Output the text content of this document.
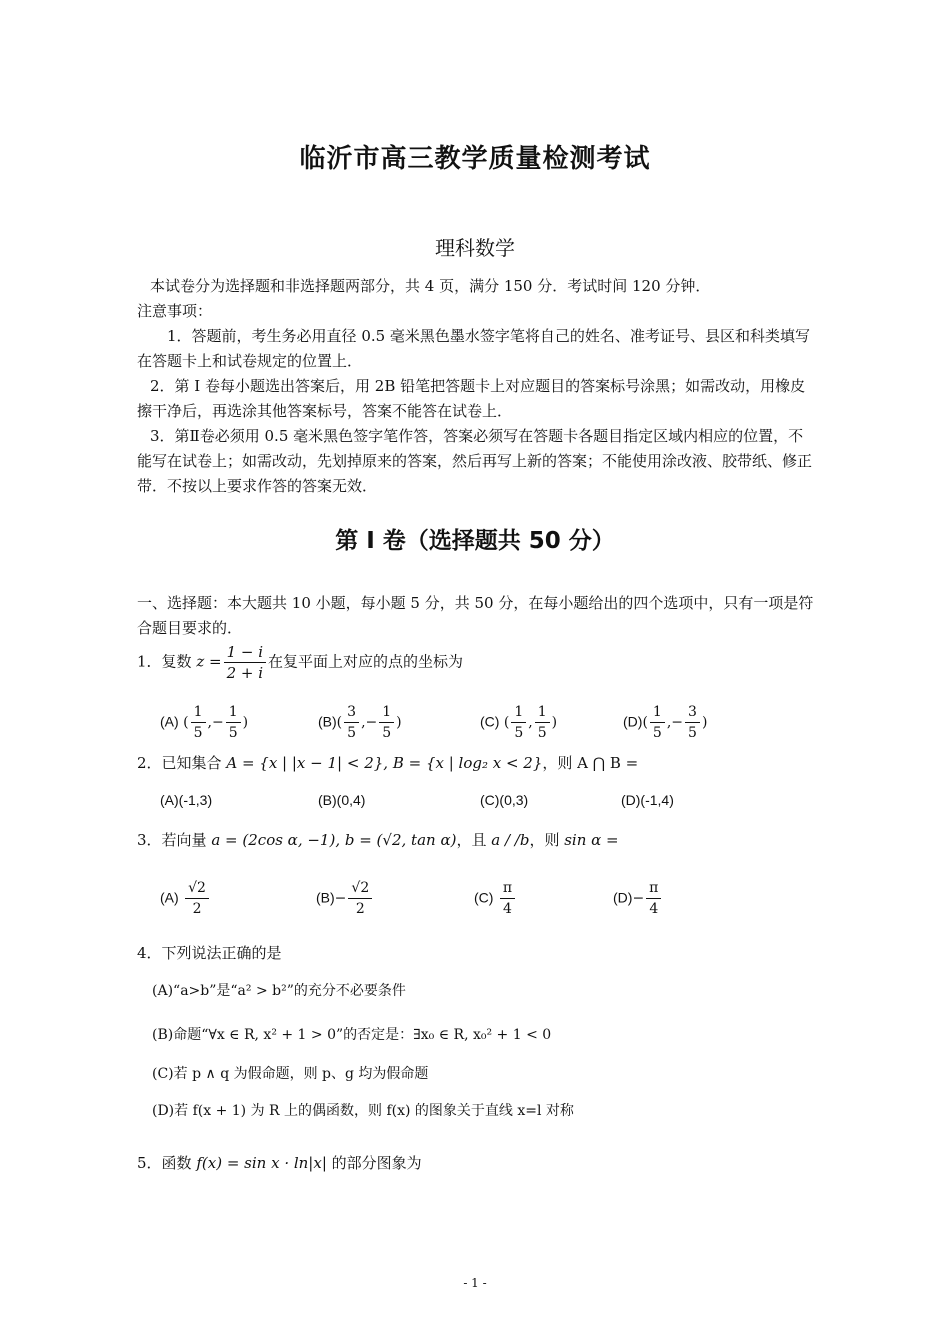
临沂市高三教学质量检测考试
理科数学
本试卷分为选择题和非选择题两部分，共 4 页，满分 150 分．考试时间 120 分钟．
注意事项：
1．答题前，考生务必用直径 0.5 毫米黑色墨水签字笔将自己的姓名、准考证号、县区和科类填写在答题卡上和试卷规定的位置上．
2．第 I 卷每小题选出答案后，用 2B 铅笔把答题卡上对应题目的答案标号涂黑；如需改动，用橡皮擦干净后，再选涂其他答案标号，答案不能答在试卷上．
3．第Ⅱ卷必须用 0.5 毫米黑色签字笔作答，答案必须写在答题卡各题目指定区域内相应的位置，不能写在试卷上；如需改动，先划掉原来的答案，然后再写上新的答案；不能使用涂改液、胶带纸、修正带．不按以上要求作答的答案无效．
第 I 卷（选择题共 50 分）
一、选择题：本大题共 10 小题，每小题 5 分，共 50 分，在每小题给出的四个选项中，只有一项是符合题目要求的．
1．复数 $z = \frac{1 - i}{2 + i}$ 在复平面上对应的点的坐标为
(A) ( $\frac{1}{5}$ ,− $\frac{1}{5}$ )	$(B)( \frac{3}{5}$ ,− $\frac{1}{5}$ )	(C) ( $\frac{1}{5}$ , $\frac{1}{5}$ )	$(D)( \frac{1}{5}$ ,− $\frac{3}{5}$ )
2．已知集合 A = {x | |x − 1| < 2}, B = {x | log₂ x < 2}，则 A ⋂ B =
(A)(-1,3)	(B)(0,4)	(C)(0,3)	(D)(-1,4)
3．若向量 a = (2cos α, −1), b = (√2, tan α)，且 a / /b，则 sin α =
$(A) \frac{√2}{2}$	$(B)- \frac{√2}{2}$	$(C) \frac{\pi}{4}$	$(D)- \frac{\pi}{4}$
4．下列说法正确的是
(A)“a>b”是“a² > b²”的充分不必要条件
(B)命题“∀x ∈ R, x² + 1 > 0”的否定是：∃x₀ ∈ R, x₀² + 1 < 0
(C)若 p ∧ q 为假命题，则 p、g 均为假命题
(D)若 f(x + 1) 为 R 上的偶函数，则 f(x) 的图象关于直线 x=l 对称
5．函数 f(x) = sin x · ln|x| 的部分图象为
- 1 -
